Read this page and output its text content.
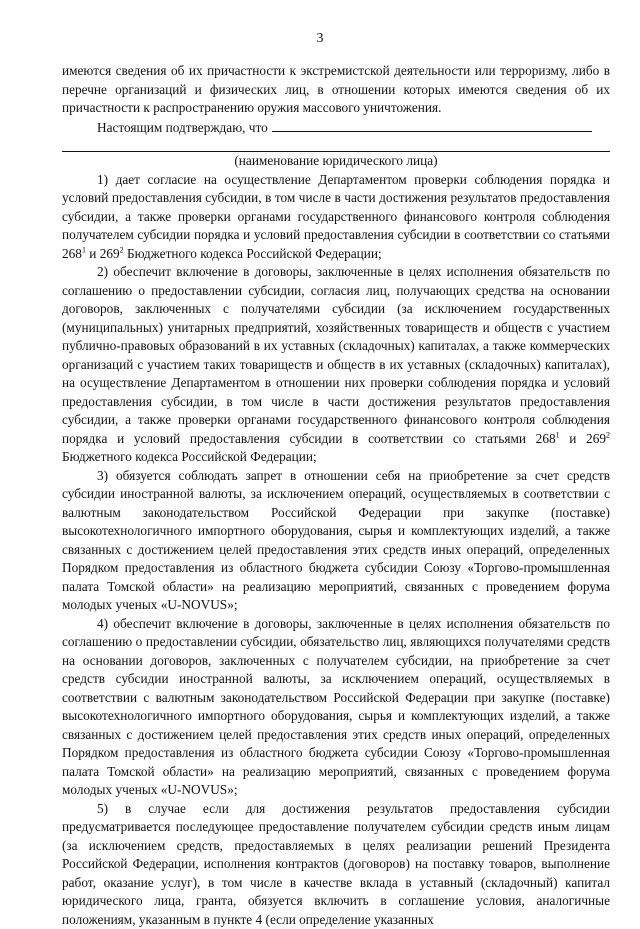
3

имеются сведения об их причастности к экстремистской деятельности или терроризму, либо в перечне организаций и физических лиц, в отношении которых имеются сведения об их причастности к распространению оружия массового уничтожения.

Настоящим подтверждаю, что

(наименование юридического лица)

1) дает согласие на осуществление Департаментом проверки соблюдения порядка и условий предоставления субсидии, в том числе в части достижения результатов предоставления субсидии, а также проверки органами государственного финансового контроля соблюдения получателем субсидии порядка и условий предоставления субсидии в соответствии со статьями $268^1$ и $269^2$ Бюджетного кодекса Российской Федерации;

2) обеспечит включение в договоры, заключенные в целях исполнения обязательств по соглашению о предоставлении субсидии, согласия лиц, получающих средства на основании договоров, заключенных с получателями субсидии (за исключением государственных (муниципальных) унитарных предприятий, хозяйственных товариществ и обществ с участием публично-правовых образований в их уставных (складочных) капиталах, а также коммерческих организаций с участием таких товариществ и обществ в их уставных (складочных) капиталах), на осуществление Департаментом в отношении них проверки соблюдения порядка и условий предоставления субсидии, в том числе в части достижения результатов предоставления субсидии, а также проверки органами государственного финансового контроля соблюдения порядка и условий предоставления субсидии в соответствии со статьями $268^1$ и $269^2$ Бюджетного кодекса Российской Федерации;

3) обязуется соблюдать запрет в отношении себя на приобретение за счет средств субсидии иностранной валюты, за исключением операций, осуществляемых в соответствии с валютным законодательством Российской Федерации при закупке (поставке) высокотехнологичного импортного оборудования, сырья и комплектующих изделий, а также связанных с достижением целей предоставления этих средств иных операций, определенных Порядком предоставления из областного бюджета субсидии Союзу «Торгово-промышленная палата Томской области» на реализацию мероприятий, связанных с проведением форума молодых ученых «U-NOVUS»;

4) обеспечит включение в договоры, заключенные в целях исполнения обязательств по соглашению о предоставлении субсидии, обязательство лиц, являющихся получателями средств на основании договоров, заключенных с получателем субсидии, на приобретение за счет средств субсидии иностранной валюты, за исключением операций, осуществляемых в соответствии с валютным законодательством Российской Федерации при закупке (поставке) высокотехнологичного импортного оборудования, сырья и комплектующих изделий, а также связанных с достижением целей предоставления этих средств иных операций, определенных Порядком предоставления из областного бюджета субсидии Союзу «Торгово-промышленная палата Томской области» на реализацию мероприятий, связанных с проведением форума молодых ученых «U-NOVUS»;

5) в случае если для достижения результатов предоставления субсидии предусматривается последующее предоставление получателем субсидии средств иным лицам (за исключением средств, предоставляемых в целях реализации решений Президента Российской Федерации, исполнения контрактов (договоров) на поставку товаров, выполнение работ, оказание услуг), в том числе в качестве вклада в уставный (складочный) капитал юридического лица, гранта, обязуется включить в соглашение условия, аналогичные положениям, указанным в пункте 4 (если определение указанных
